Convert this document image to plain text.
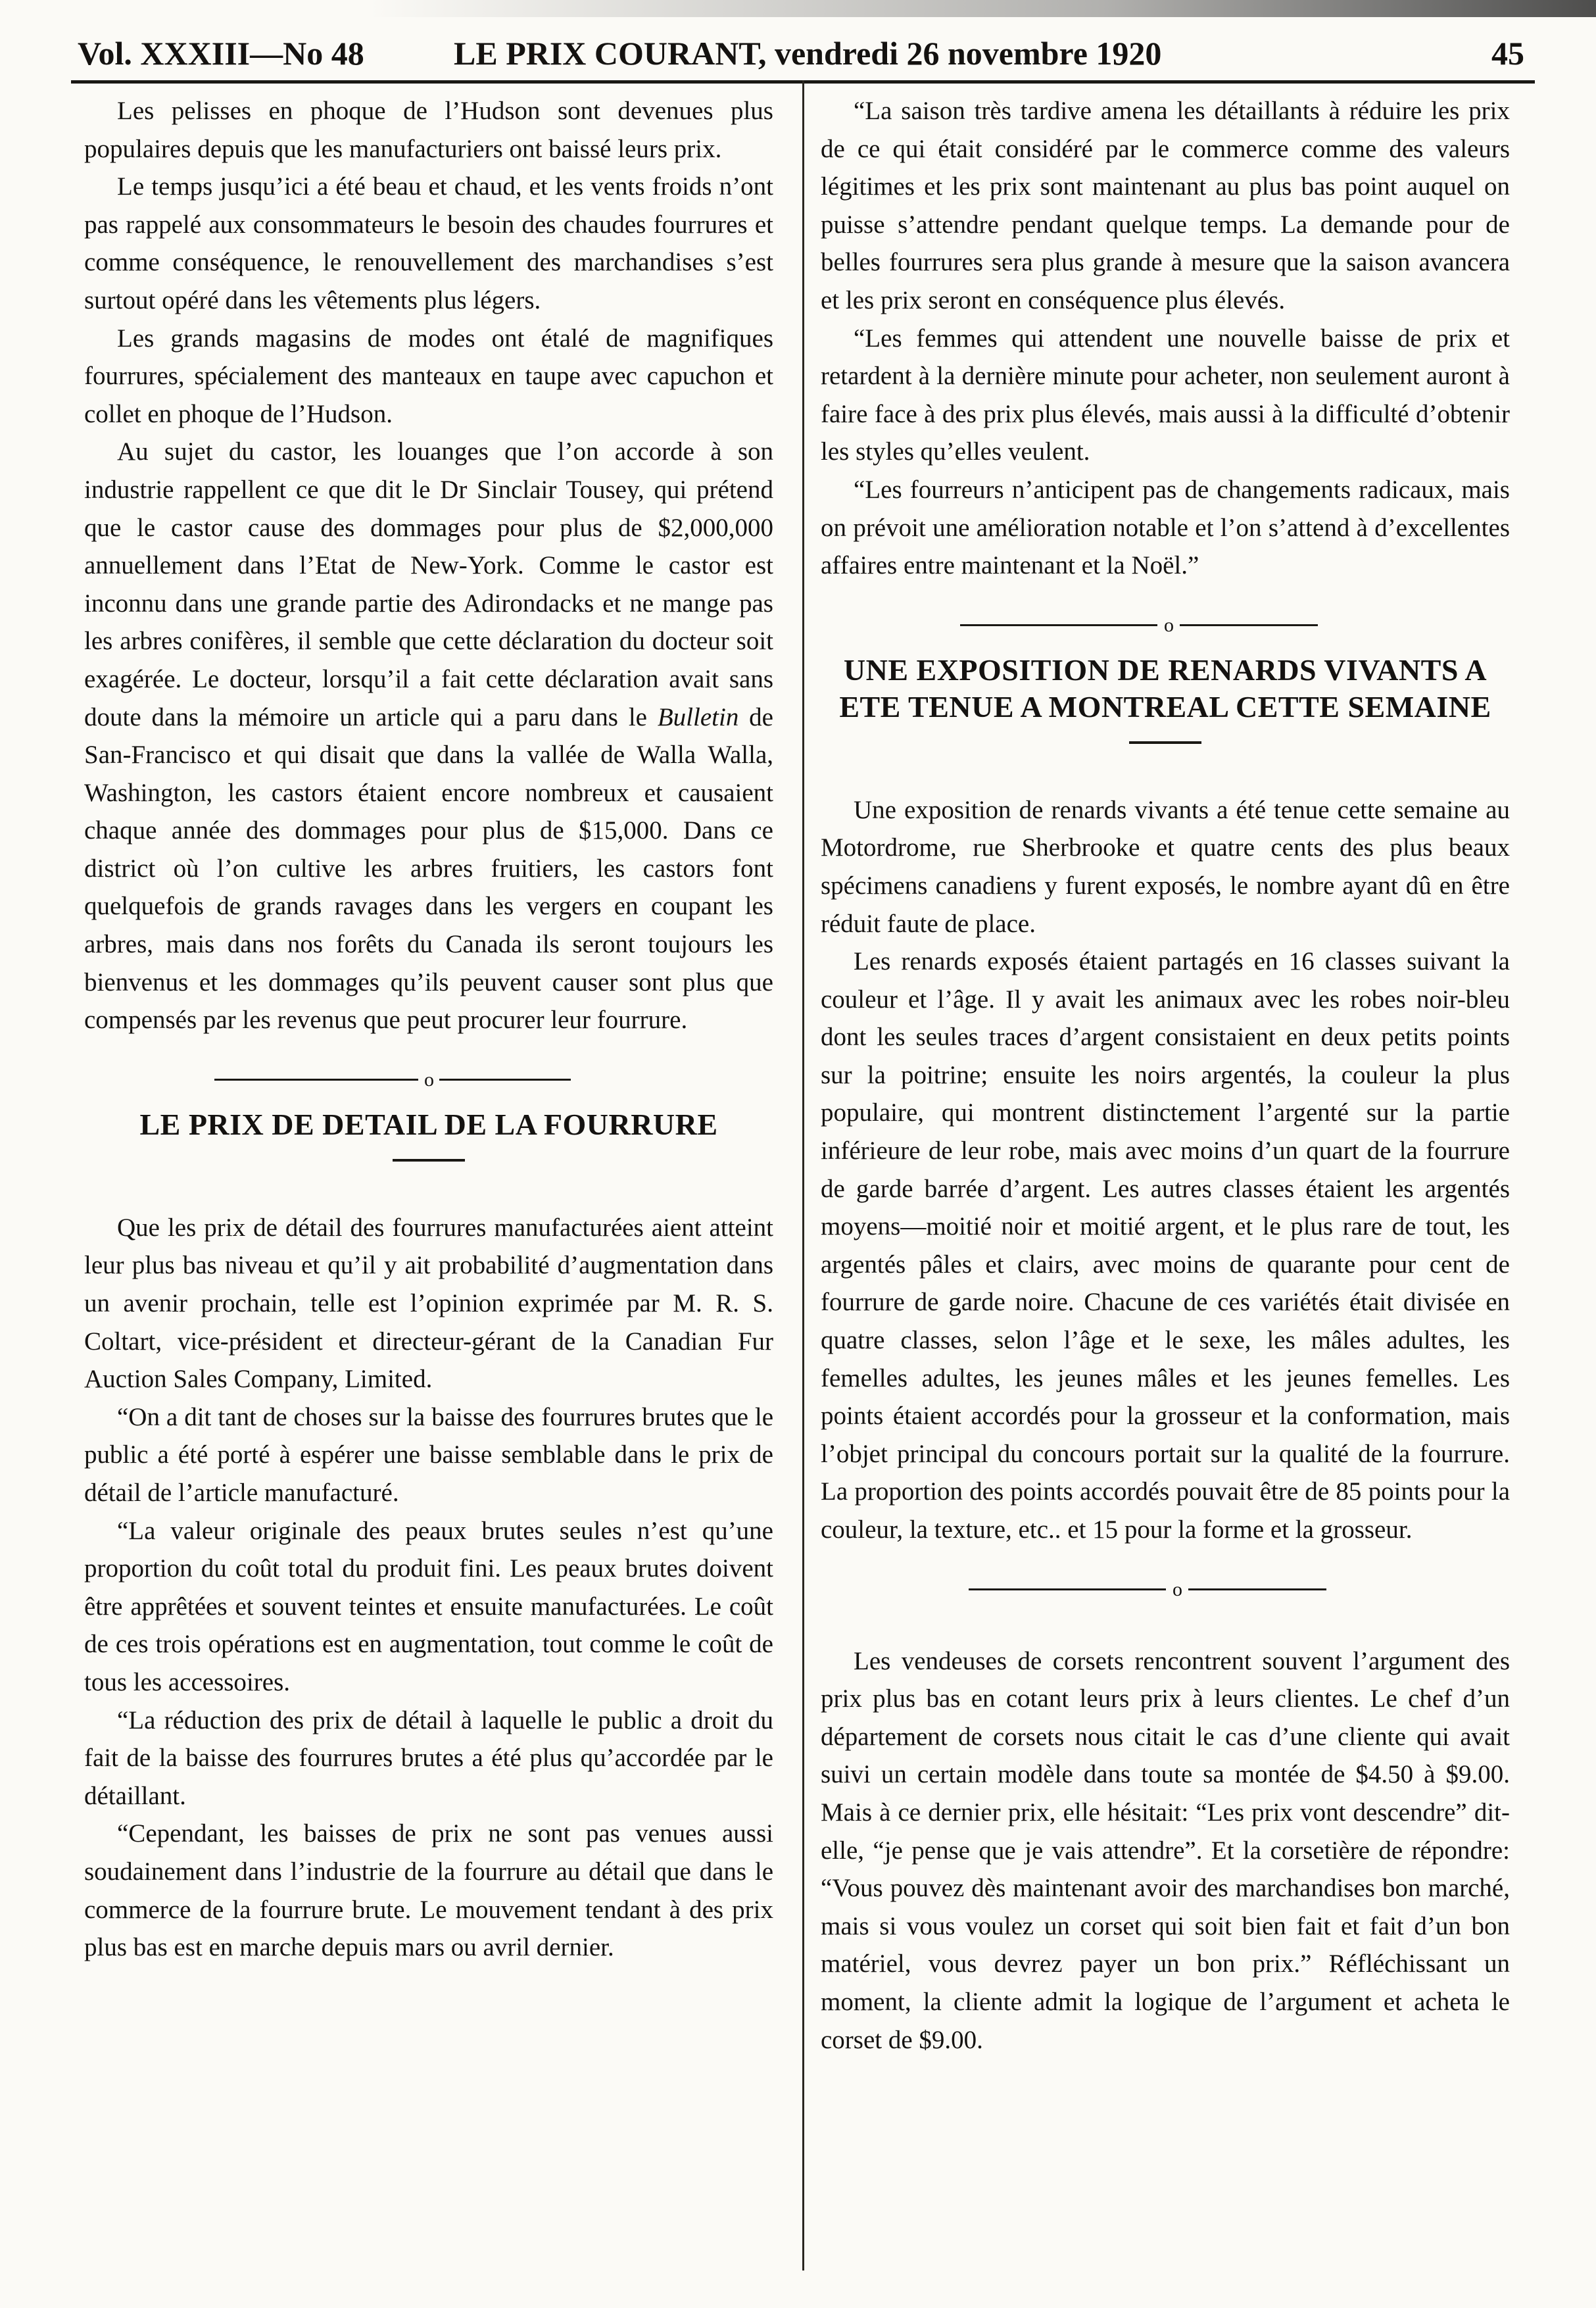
Vol. XXXIII—No 48	LE PRIX COURANT, vendredi 26 novembre 1920	45

Les pelisses en phoque de l’Hudson sont devenues plus populaires depuis que les manufacturiers ont baissé leurs prix.

Le temps jusqu’ici a été beau et chaud, et les vents froids n’ont pas rappelé aux consommateurs le besoin des chaudes fourrures et comme conséquence, le renouvellement des marchandises s’est surtout opéré dans les vêtements plus légers.

Les grands magasins de modes ont étalé de magnifiques fourrures, spécialement des manteaux en taupe avec capuchon et collet en phoque de l’Hudson.

Au sujet du castor, les louanges que l’on accorde à son industrie rappellent ce que dit le Dr Sinclair Tousey, qui prétend que le castor cause des dommages pour plus de $2,000,000 annuellement dans l’Etat de New-York. Comme le castor est inconnu dans une grande partie des Adirondacks et ne mange pas les arbres conifères, il semble que cette déclaration du docteur soit exagérée. Le docteur, lorsqu’il a fait cette déclaration avait sans doute dans la mémoire un article qui a paru dans le Bulletin de San-Francisco et qui disait que dans la vallée de Walla Walla, Washington, les castors étaient encore nombreux et causaient chaque année des dommages pour plus de $15,000. Dans ce district où l’on cultive les arbres fruitiers, les castors font quelquefois de grands ravages dans les vergers en coupant les arbres, mais dans nos forêts du Canada ils seront toujours les bienvenus et les dommages qu’ils peuvent causer sont plus que compensés par les revenus que peut procurer leur fourrure.

o
LE PRIX DE DETAIL DE LA FOURRURE

Que les prix de détail des fourrures manufacturées aient atteint leur plus bas niveau et qu’il y ait probabilité d’augmentation dans un avenir prochain, telle est l’opinion exprimée par M. R. S. Coltart, vice-président et directeur-gérant de la Canadian Fur Auction Sales Company, Limited.

“On a dit tant de choses sur la baisse des fourrures brutes que le public a été porté à espérer une baisse semblable dans le prix de détail de l’article manufacturé.

“La valeur originale des peaux brutes seules n’est qu’une proportion du coût total du produit fini. Les peaux brutes doivent être apprêtées et souvent teintes et ensuite manufacturées. Le coût de ces trois opérations est en augmentation, tout comme le coût de tous les accessoires.

“La réduction des prix de détail à laquelle le public a droit du fait de la baisse des fourrures brutes a été plus qu’accordée par le détaillant.

“Cependant, les baisses de prix ne sont pas venues aussi soudainement dans l’industrie de la fourrure au détail que dans le commerce de la fourrure brute. Le mouvement tendant à des prix plus bas est en marche depuis mars ou avril dernier.

“La saison très tardive amena les détaillants à réduire les prix de ce qui était considéré par le commerce comme des valeurs légitimes et les prix sont maintenant au plus bas point auquel on puisse s’attendre pendant quelque temps. La demande pour de belles fourrures sera plus grande à mesure que la saison avancera et les prix seront en conséquence plus élevés.

“Les femmes qui attendent une nouvelle baisse de prix et retardent à la dernière minute pour acheter, non seulement auront à faire face à des prix plus élevés, mais aussi à la difficulté d’obtenir les styles qu’elles veulent.

“Les fourreurs n’anticipent pas de changements radicaux, mais on prévoit une amélioration notable et l’on s’attend à d’excellentes affaires entre maintenant et la Noël.”

o
UNE EXPOSITION DE RENARDS VIVANTS A ETE TENUE A MONTREAL CETTE SEMAINE

Une exposition de renards vivants a été tenue cette semaine au Motordrome, rue Sherbrooke et quatre cents des plus beaux spécimens canadiens y furent exposés, le nombre ayant dû en être réduit faute de place.

Les renards exposés étaient partagés en 16 classes suivant la couleur et l’âge. Il y avait les animaux avec les robes noir-bleu dont les seules traces d’argent consistaient en deux petits points sur la poitrine; ensuite les noirs argentés, la couleur la plus populaire, qui montrent distinctement l’argenté sur la partie inférieure de leur robe, mais avec moins d’un quart de la fourrure de garde barrée d’argent. Les autres classes étaient les argentés moyens—moitié noir et moitié argent, et le plus rare de tout, les argentés pâles et clairs, avec moins de quarante pour cent de fourrure de garde noire. Chacune de ces variétés était divisée en quatre classes, selon l’âge et le sexe, les mâles adultes, les femelles adultes, les jeunes mâles et les jeunes femelles. Les points étaient accordés pour la grosseur et la conformation, mais l’objet principal du concours portait sur la qualité de la fourrure. La proportion des points accordés pouvait être de 85 points pour la couleur, la texture, etc.. et 15 pour la forme et la grosseur.

o

Les vendeuses de corsets rencontrent souvent l’argument des prix plus bas en cotant leurs prix à leurs clientes. Le chef d’un département de corsets nous citait le cas d’une cliente qui avait suivi un certain modèle dans toute sa montée de $4.50 à $9.00. Mais à ce dernier prix, elle hésitait: “Les prix vont descendre” dit-elle, “je pense que je vais attendre”. Et la corsetière de répondre: “Vous pouvez dès maintenant avoir des marchandises bon marché, mais si vous voulez un corset qui soit bien fait et fait d’un bon matériel, vous devrez payer un bon prix.” Réfléchissant un moment, la cliente admit la logique de l’argument et acheta le corset de $9.00.
